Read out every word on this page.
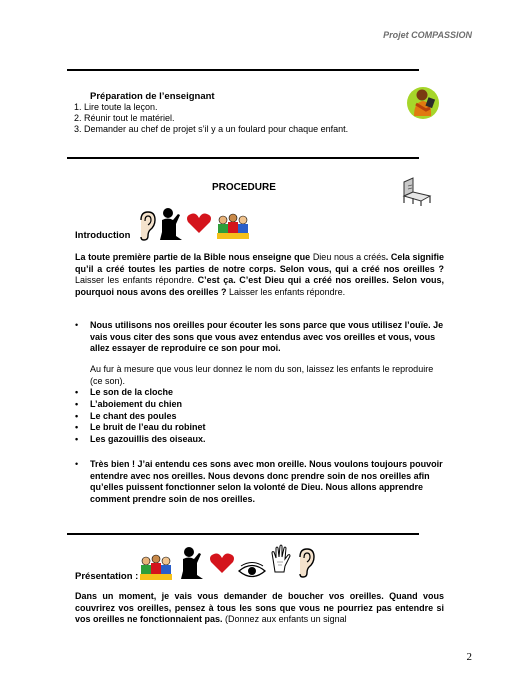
Projet COMPASSION
Préparation de l’enseignant
1. Lire toute la leçon.
2. Réunir tout le matériel.
3. Demander au chef de projet s’il y a un foulard pour chaque enfant.
PROCEDURE
Introduction
La toute première partie de la Bible nous enseigne que Dieu nous a créés. Cela signifie qu’il a créé toutes les parties de notre corps. Selon vous, qui a créé nos oreilles ? Laisser les enfants répondre. C’est ça. C’est Dieu qui a créé nos oreilles. Selon vous, pourquoi nous avons des oreilles ? Laisser les enfants répondre.
• Nous utilisons nos oreilles pour écouter les sons parce que vous utilisez l’ouïe. Je vais vous citer des sons que vous avez entendus avec vos oreilles et vous, vous allez essayer de reproduire ce son pour moi.
Au fur à mesure que vous leur donnez le nom du son, laissez les enfants le reproduire (ce son).
• Le son de la cloche
• L’aboiement du chien
• Le chant des poules
• Le bruit de l’eau du robinet
• Les gazouillis des oiseaux.
• Très bien ! J’ai entendu ces sons avec mon oreille. Nous voulons toujours pouvoir entendre avec nos oreilles. Nous devons donc prendre soin de nos oreilles afin qu’elles puissent fonctionner selon la volonté de Dieu. Nous allons apprendre comment prendre soin de nos oreilles.
Présentation :
Dans un moment, je vais vous demander de boucher vos oreilles. Quand vous couvrirez vos oreilles, pensez à tous les sons que vous ne pourriez pas entendre si vos oreilles ne fonctionnaient pas. (Donnez aux enfants un signal
2
